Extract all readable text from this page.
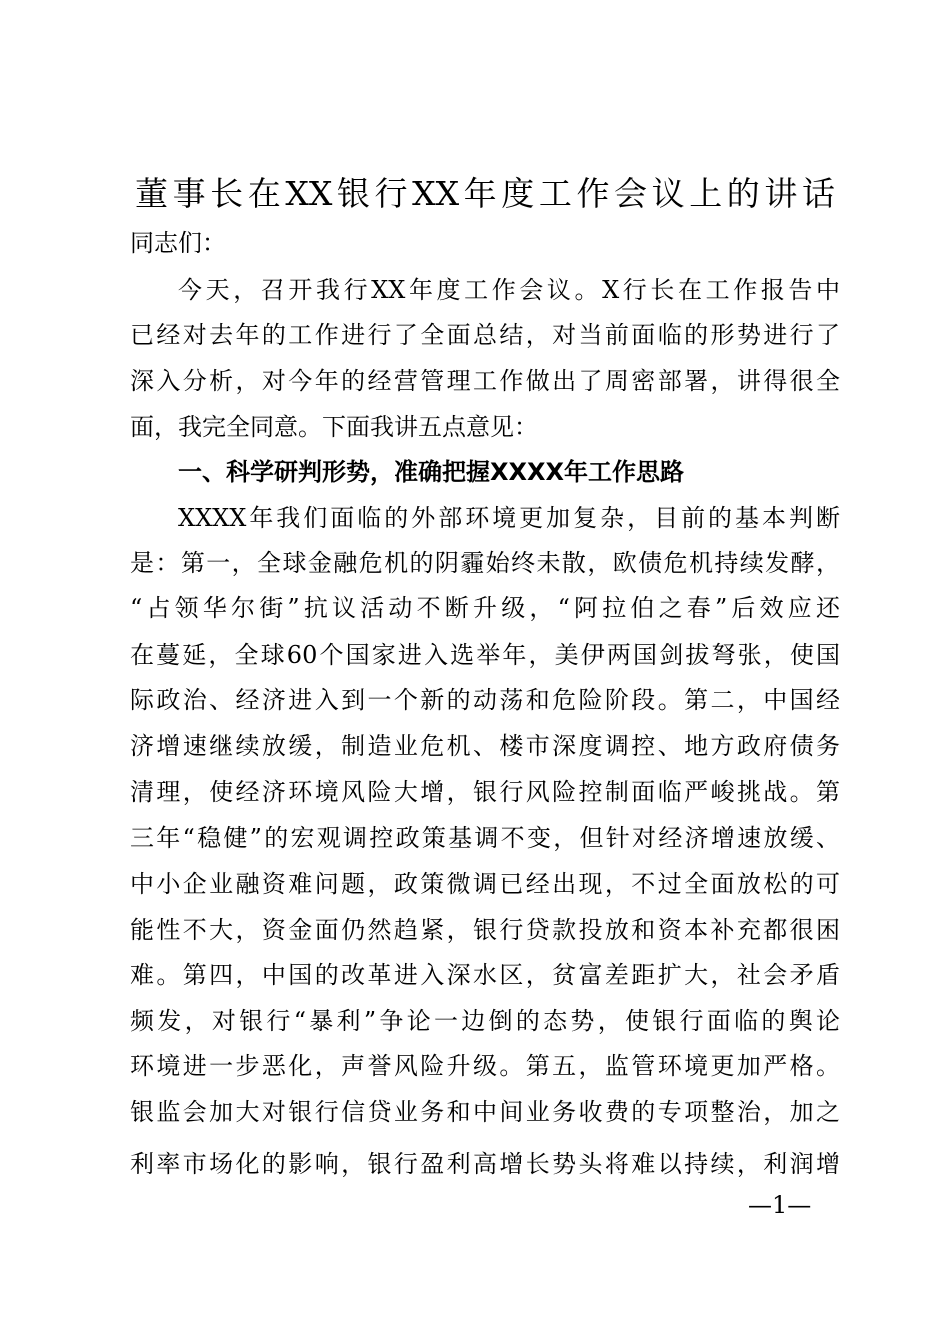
董事长在XX银行XX年度工作会议上的讲话
同志们：
今天，召开我行XX年度工作会议。X行长在工作报告中
已经对去年的工作进行了全面总结，对当前面临的形势进行了
深入分析，对今年的经营管理工作做出了周密部署，讲得很全
面，我完全同意。下面我讲五点意见：
一、科学研判形势，准确把握XXXX年工作思路
XXXX年我们面临的外部环境更加复杂，目前的基本判断
是：第一，全球金融危机的阴霾始终未散，欧债危机持续发酵，
“占领华尔街”抗议活动不断升级，“阿拉伯之春”后效应还
在蔓延，全球60个国家进入选举年，美伊两国剑拔弩张，使国
际政治、经济进入到一个新的动荡和危险阶段。第二，中国经
济增速继续放缓，制造业危机、楼市深度调控、地方政府债务
清理，使经济环境风险大增，银行风险控制面临严峻挑战。第
三年“稳健”的宏观调控政策基调不变，但针对经济增速放缓、
中小企业融资难问题，政策微调已经出现，不过全面放松的可
能性不大，资金面仍然趋紧，银行贷款投放和资本补充都很困
难。第四，中国的改革进入深水区，贫富差距扩大，社会矛盾
频发，对银行“暴利”争论一边倒的态势，使银行面临的舆论
环境进一步恶化，声誉风险升级。第五，监管环境更加严格。
银监会加大对银行信贷业务和中间业务收费的专项整治，加之
利率市场化的影响，银行盈利高增长势头将难以持续，利润增
—1—
